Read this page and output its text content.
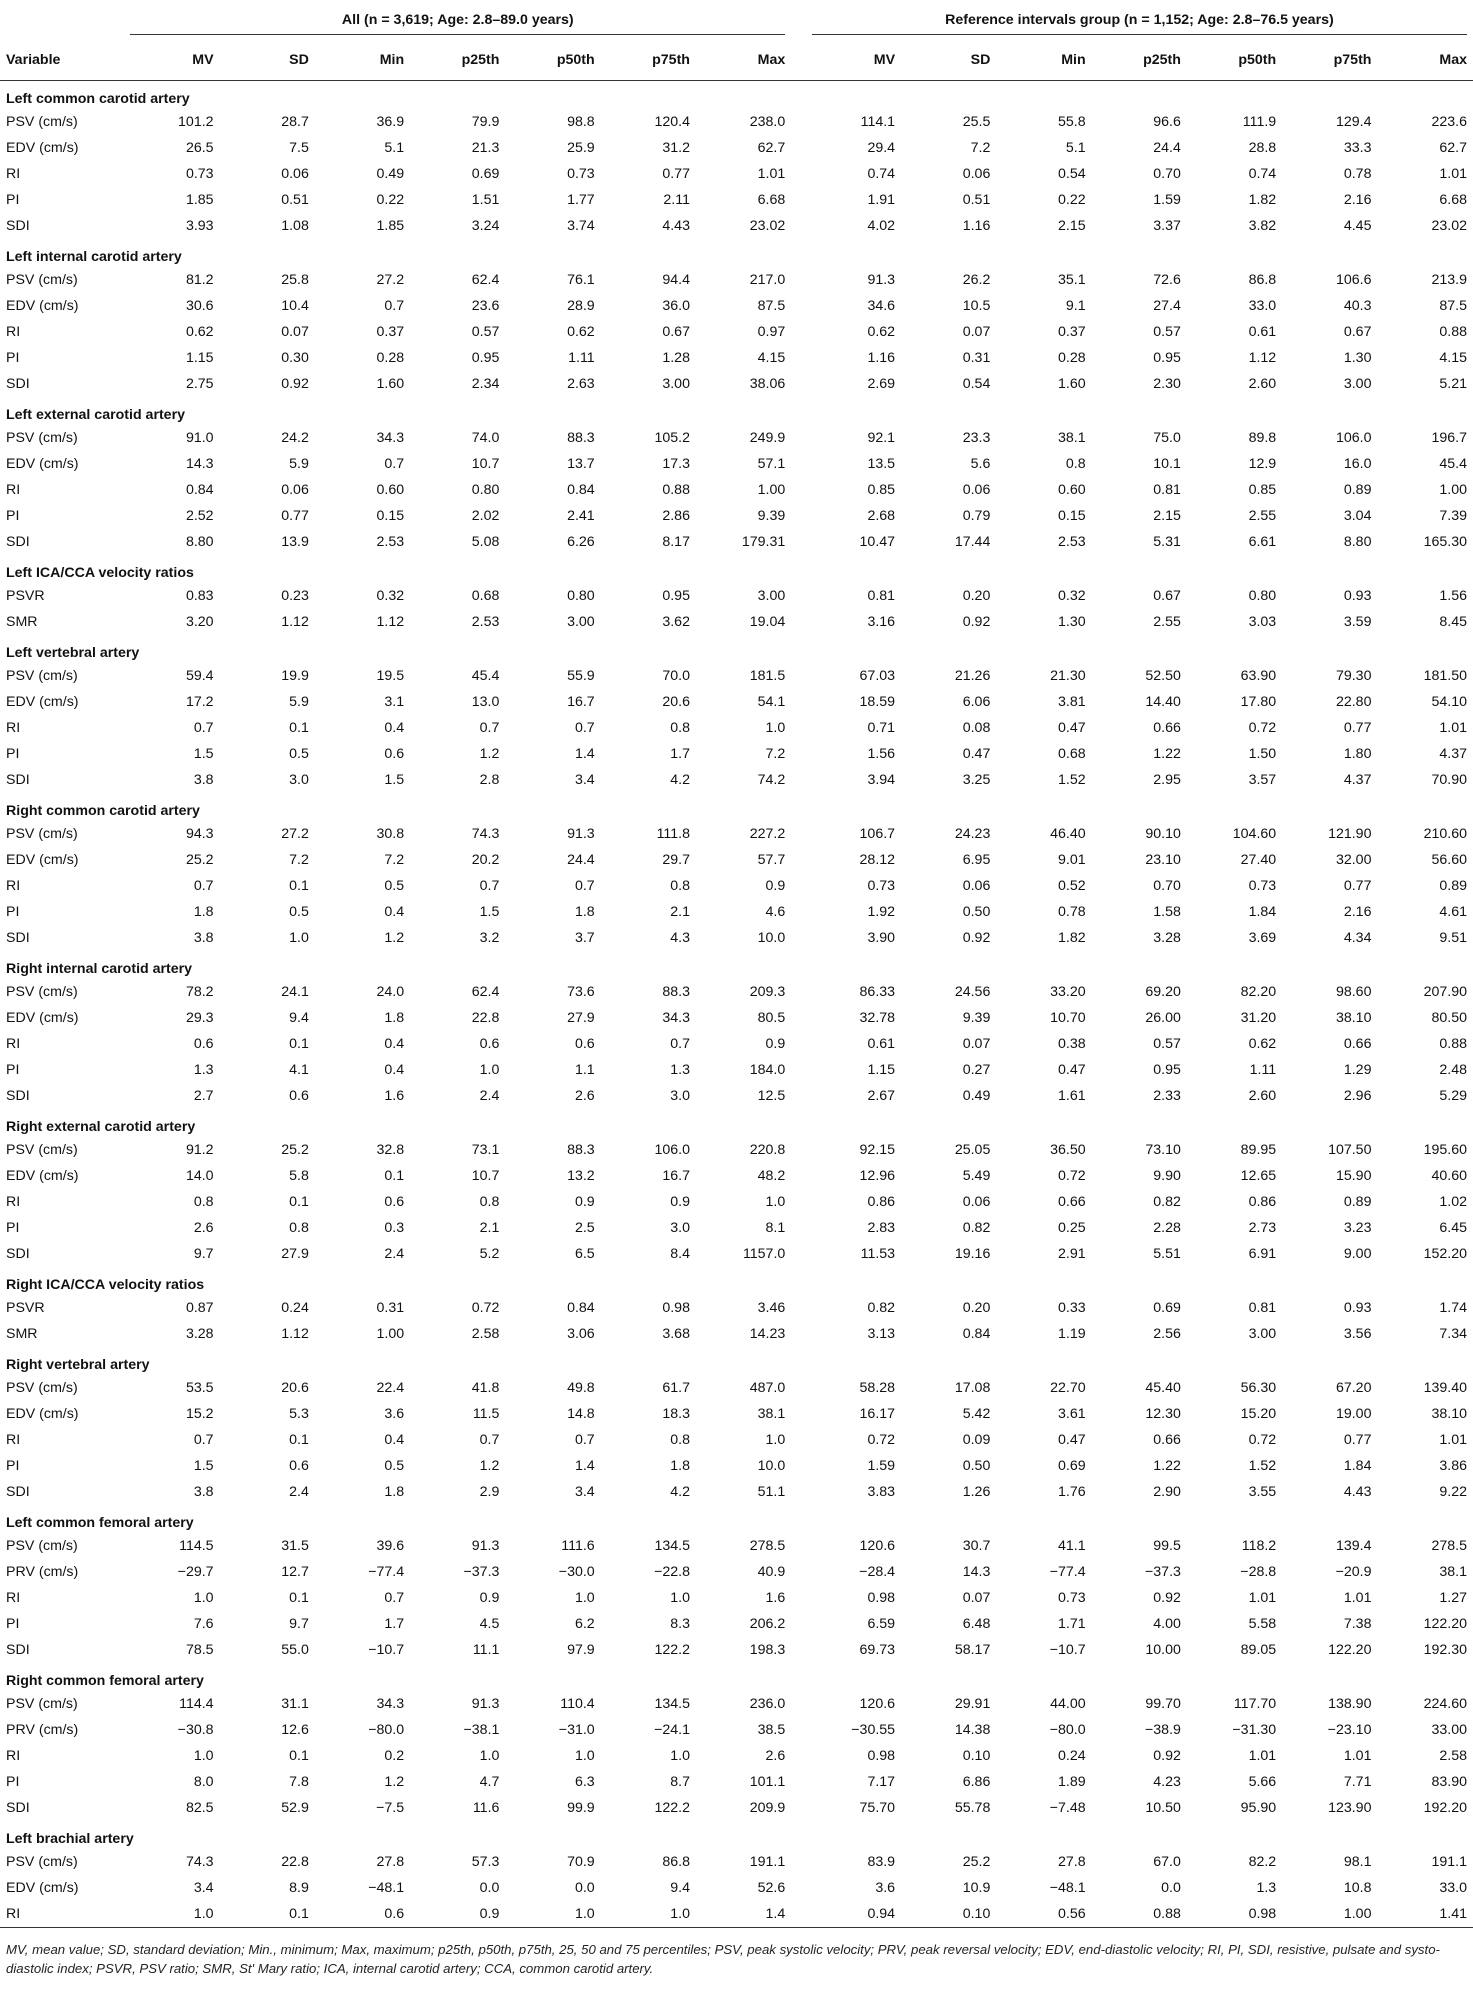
	All (n = 3,619; Age: 2.8–89.0 years)								Reference intervals group (n = 1,152; Age: 2.8–76.5 years)						

Variable	MV	SD	Min	p25th	p50th	p75th	Max		MV	SD	Min	p25th	p50th	p75th	Max
Left common carotid artery															
PSV (cm/s)	101.2	28.7	36.9	79.9	98.8	120.4	238.0		114.1	25.5	55.8	96.6	111.9	129.4	223.6
EDV (cm/s)	26.5	7.5	5.1	21.3	25.9	31.2	62.7		29.4	7.2	5.1	24.4	28.8	33.3	62.7
RI	0.73	0.06	0.49	0.69	0.73	0.77	1.01		0.74	0.06	0.54	0.70	0.74	0.78	1.01
PI	1.85	0.51	0.22	1.51	1.77	2.11	6.68		1.91	0.51	0.22	1.59	1.82	2.16	6.68
SDI	3.93	1.08	1.85	3.24	3.74	4.43	23.02		4.02	1.16	2.15	3.37	3.82	4.45	23.02
Left internal carotid artery															
PSV (cm/s)	81.2	25.8	27.2	62.4	76.1	94.4	217.0		91.3	26.2	35.1	72.6	86.8	106.6	213.9
EDV (cm/s)	30.6	10.4	0.7	23.6	28.9	36.0	87.5		34.6	10.5	9.1	27.4	33.0	40.3	87.5
RI	0.62	0.07	0.37	0.57	0.62	0.67	0.97		0.62	0.07	0.37	0.57	0.61	0.67	0.88
PI	1.15	0.30	0.28	0.95	1.11	1.28	4.15		1.16	0.31	0.28	0.95	1.12	1.30	4.15
SDI	2.75	0.92	1.60	2.34	2.63	3.00	38.06		2.69	0.54	1.60	2.30	2.60	3.00	5.21
Left external carotid artery															
PSV (cm/s)	91.0	24.2	34.3	74.0	88.3	105.2	249.9		92.1	23.3	38.1	75.0	89.8	106.0	196.7
EDV (cm/s)	14.3	5.9	0.7	10.7	13.7	17.3	57.1		13.5	5.6	0.8	10.1	12.9	16.0	45.4
RI	0.84	0.06	0.60	0.80	0.84	0.88	1.00		0.85	0.06	0.60	0.81	0.85	0.89	1.00
PI	2.52	0.77	0.15	2.02	2.41	2.86	9.39		2.68	0.79	0.15	2.15	2.55	3.04	7.39
SDI	8.80	13.9	2.53	5.08	6.26	8.17	179.31		10.47	17.44	2.53	5.31	6.61	8.80	165.30
Left ICA/CCA velocity ratios															
PSVR	0.83	0.23	0.32	0.68	0.80	0.95	3.00		0.81	0.20	0.32	0.67	0.80	0.93	1.56
SMR	3.20	1.12	1.12	2.53	3.00	3.62	19.04		3.16	0.92	1.30	2.55	3.03	3.59	8.45
Left vertebral artery															
PSV (cm/s)	59.4	19.9	19.5	45.4	55.9	70.0	181.5		67.03	21.26	21.30	52.50	63.90	79.30	181.50
EDV (cm/s)	17.2	5.9	3.1	13.0	16.7	20.6	54.1		18.59	6.06	3.81	14.40	17.80	22.80	54.10
RI	0.7	0.1	0.4	0.7	0.7	0.8	1.0		0.71	0.08	0.47	0.66	0.72	0.77	1.01
PI	1.5	0.5	0.6	1.2	1.4	1.7	7.2		1.56	0.47	0.68	1.22	1.50	1.80	4.37
SDI	3.8	3.0	1.5	2.8	3.4	4.2	74.2		3.94	3.25	1.52	2.95	3.57	4.37	70.90
Right common carotid artery															
PSV (cm/s)	94.3	27.2	30.8	74.3	91.3	111.8	227.2		106.7	24.23	46.40	90.10	104.60	121.90	210.60
EDV (cm/s)	25.2	7.2	7.2	20.2	24.4	29.7	57.7		28.12	6.95	9.01	23.10	27.40	32.00	56.60
RI	0.7	0.1	0.5	0.7	0.7	0.8	0.9		0.73	0.06	0.52	0.70	0.73	0.77	0.89
PI	1.8	0.5	0.4	1.5	1.8	2.1	4.6		1.92	0.50	0.78	1.58	1.84	2.16	4.61
SDI	3.8	1.0	1.2	3.2	3.7	4.3	10.0		3.90	0.92	1.82	3.28	3.69	4.34	9.51
Right internal carotid artery															
PSV (cm/s)	78.2	24.1	24.0	62.4	73.6	88.3	209.3		86.33	24.56	33.20	69.20	82.20	98.60	207.90
EDV (cm/s)	29.3	9.4	1.8	22.8	27.9	34.3	80.5		32.78	9.39	10.70	26.00	31.20	38.10	80.50
RI	0.6	0.1	0.4	0.6	0.6	0.7	0.9		0.61	0.07	0.38	0.57	0.62	0.66	0.88
PI	1.3	4.1	0.4	1.0	1.1	1.3	184.0		1.15	0.27	0.47	0.95	1.11	1.29	2.48
SDI	2.7	0.6	1.6	2.4	2.6	3.0	12.5		2.67	0.49	1.61	2.33	2.60	2.96	5.29
Right external carotid artery															
PSV (cm/s)	91.2	25.2	32.8	73.1	88.3	106.0	220.8		92.15	25.05	36.50	73.10	89.95	107.50	195.60
EDV (cm/s)	14.0	5.8	0.1	10.7	13.2	16.7	48.2		12.96	5.49	0.72	9.90	12.65	15.90	40.60
RI	0.8	0.1	0.6	0.8	0.9	0.9	1.0		0.86	0.06	0.66	0.82	0.86	0.89	1.02
PI	2.6	0.8	0.3	2.1	2.5	3.0	8.1		2.83	0.82	0.25	2.28	2.73	3.23	6.45
SDI	9.7	27.9	2.4	5.2	6.5	8.4	1157.0		11.53	19.16	2.91	5.51	6.91	9.00	152.20
Right ICA/CCA velocity ratios															
PSVR	0.87	0.24	0.31	0.72	0.84	0.98	3.46		0.82	0.20	0.33	0.69	0.81	0.93	1.74
SMR	3.28	1.12	1.00	2.58	3.06	3.68	14.23		3.13	0.84	1.19	2.56	3.00	3.56	7.34
Right vertebral artery															
PSV (cm/s)	53.5	20.6	22.4	41.8	49.8	61.7	487.0		58.28	17.08	22.70	45.40	56.30	67.20	139.40
EDV (cm/s)	15.2	5.3	3.6	11.5	14.8	18.3	38.1		16.17	5.42	3.61	12.30	15.20	19.00	38.10
RI	0.7	0.1	0.4	0.7	0.7	0.8	1.0		0.72	0.09	0.47	0.66	0.72	0.77	1.01
PI	1.5	0.6	0.5	1.2	1.4	1.8	10.0		1.59	0.50	0.69	1.22	1.52	1.84	3.86
SDI	3.8	2.4	1.8	2.9	3.4	4.2	51.1		3.83	1.26	1.76	2.90	3.55	4.43	9.22
Left common femoral artery															
PSV (cm/s)	114.5	31.5	39.6	91.3	111.6	134.5	278.5		120.6	30.7	41.1	99.5	118.2	139.4	278.5
PRV (cm/s)	−29.7	12.7	−77.4	−37.3	−30.0	−22.8	40.9		−28.4	14.3	−77.4	−37.3	−28.8	−20.9	38.1
RI	1.0	0.1	0.7	0.9	1.0	1.0	1.6		0.98	0.07	0.73	0.92	1.01	1.01	1.27
PI	7.6	9.7	1.7	4.5	6.2	8.3	206.2		6.59	6.48	1.71	4.00	5.58	7.38	122.20
SDI	78.5	55.0	−10.7	11.1	97.9	122.2	198.3		69.73	58.17	−10.7	10.00	89.05	122.20	192.30
Right common femoral artery															
PSV (cm/s)	114.4	31.1	34.3	91.3	110.4	134.5	236.0		120.6	29.91	44.00	99.70	117.70	138.90	224.60
PRV (cm/s)	−30.8	12.6	−80.0	−38.1	−31.0	−24.1	38.5		−30.55	14.38	−80.0	−38.9	−31.30	−23.10	33.00
RI	1.0	0.1	0.2	1.0	1.0	1.0	2.6		0.98	0.10	0.24	0.92	1.01	1.01	2.58
PI	8.0	7.8	1.2	4.7	6.3	8.7	101.1		7.17	6.86	1.89	4.23	5.66	7.71	83.90
SDI	82.5	52.9	−7.5	11.6	99.9	122.2	209.9		75.70	55.78	−7.48	10.50	95.90	123.90	192.20
Left brachial artery															
PSV (cm/s)	74.3	22.8	27.8	57.3	70.9	86.8	191.1		83.9	25.2	27.8	67.0	82.2	98.1	191.1
EDV (cm/s)	3.4	8.9	−48.1	0.0	0.0	9.4	52.6		3.6	10.9	−48.1	0.0	1.3	10.8	33.0
RI	1.0	0.1	0.6	0.9	1.0	1.0	1.4		0.94	0.10	0.56	0.88	0.98	1.00	1.41
MV, mean value; SD, standard deviation; Min., minimum; Max, maximum; p25th, p50th, p75th, 25, 50 and 75 percentiles; PSV, peak systolic velocity; PRV, peak reversal velocity; EDV, end-diastolic velocity; RI, PI, SDI, resistive, pulsate and systo-diastolic index; PSVR, PSV ratio; SMR, St' Mary ratio; ICA, internal carotid artery; CCA, common carotid artery.
